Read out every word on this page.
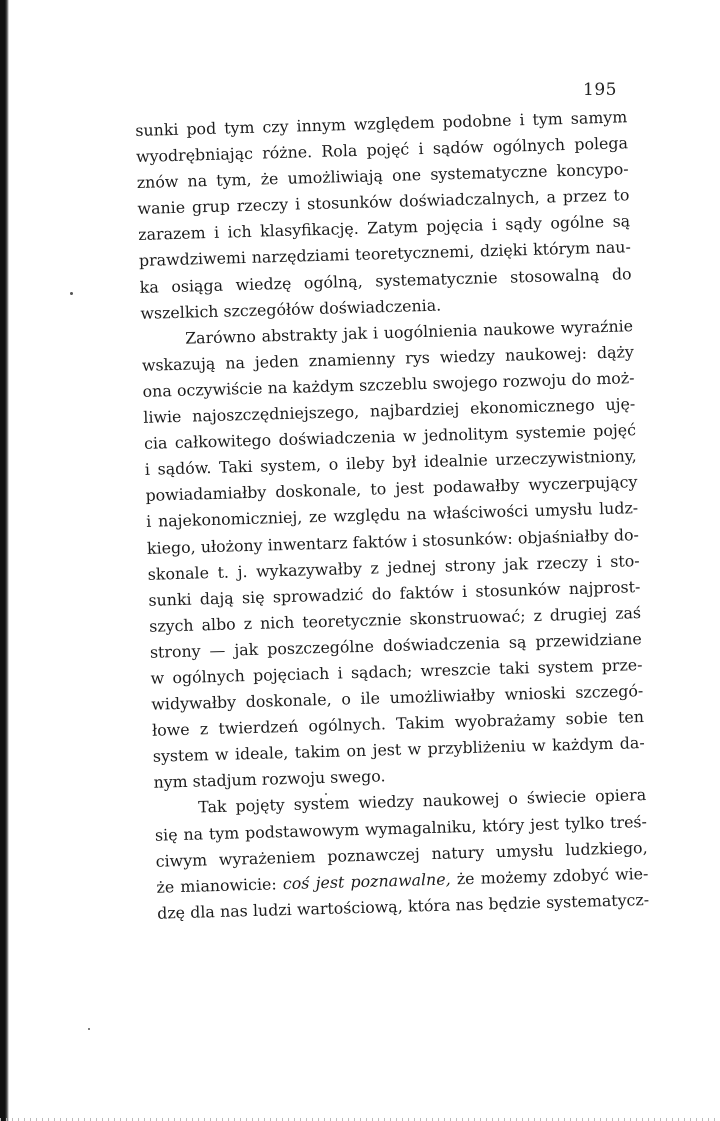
195
sunki pod tym czy innym względem podobne i tym samym
wyodrębniając różne. Rola pojęć i sądów ogólnych polega
znów na tym, że umożliwiają one systematyczne koncypo-
wanie grup rzeczy i stosunków doświadczalnych, a przez to
zarazem i ich klasyfikację. Zatym pojęcia i sądy ogólne są
prawdziwemi narzędziami teoretycznemi, dzięki którym nau-
ka osiąga wiedzę ogólną, systematycznie stosowalną do
wszelkich szczegółów doświadczenia.
Zarówno abstrakty jak i uogólnienia naukowe wyraźnie
wskazują na jeden znamienny rys wiedzy naukowej: dąży
ona oczywiście na każdym szczeblu swojego rozwoju do moż-
liwie najoszczędniejszego, najbardziej ekonomicznego uję-
cia całkowitego doświadczenia w jednolitym systemie pojęć
i sądów. Taki system, o ileby był idealnie urzeczywistniony,
powiadamiałby doskonale, to jest podawałby wyczerpujący
i najekonomiczniej, ze względu na właściwości umysłu ludz-
kiego, ułożony inwentarz faktów i stosunków: objaśniałby do-
skonale t. j. wykazywałby z jednej strony jak rzeczy i sto-
sunki dają się sprowadzić do faktów i stosunków najprost-
szych albo z nich teoretycznie skonstruować; z drugiej zaś
strony — jak poszczególne doświadczenia są przewidziane
w ogólnych pojęciach i sądach; wreszcie taki system prze-
widywałby doskonale, o ile umożliwiałby wnioski szczegó-
łowe z twierdzeń ogólnych. Takim wyobrażamy sobie ten
system w ideale, takim on jest w przybliżeniu w każdym da-
nym stadjum rozwoju swego.
Tak pojęty system wiedzy naukowej o świecie opiera
się na tym podstawowym wymagalniku, który jest tylko treś-
ciwym wyrażeniem poznawczej natury umysłu ludzkiego,
że mianowicie: coś jest poznawalne, że możemy zdobyć wie-
dzę dla nas ludzi wartościową, która nas będzie systematycz-
